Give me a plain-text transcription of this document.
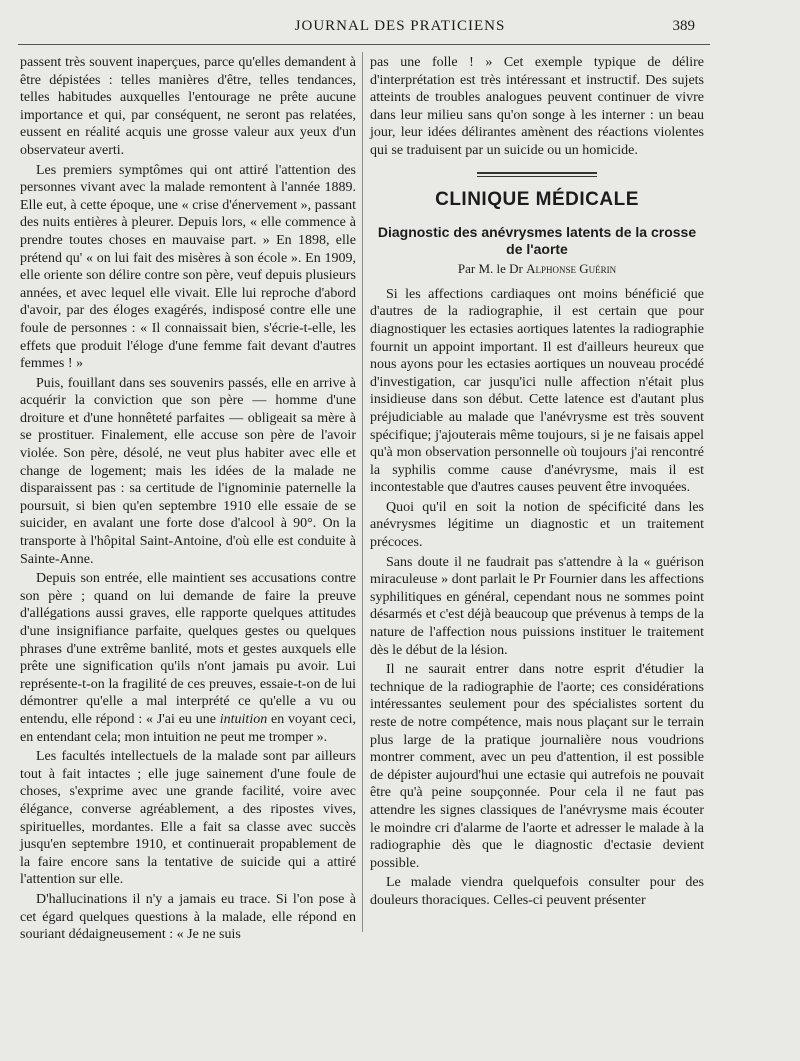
JOURNAL DES PRATICIENS	389

passent très souvent inaperçues, parce qu'elles demandent à être dépistées : telles manières d'être, telles tendances, telles habitudes auxquelles l'entourage ne prête aucune importance et qui, par conséquent, ne seront pas relatées, eussent en réalité acquis une grosse valeur aux yeux d'un observateur averti.

Les premiers symptômes qui ont attiré l'attention des personnes vivant avec la malade remontent à l'année 1889. Elle eut, à cette époque, une « crise d'énervement », passant des nuits entières à pleurer. Depuis lors, « elle commence à prendre toutes choses en mauvaise part. » En 1898, elle prétend qu' « on lui fait des misères à son école ». En 1909, elle oriente son délire contre son père, veuf depuis plusieurs années, et avec lequel elle vivait. Elle lui reproche d'abord d'avoir, par des éloges exagérés, indisposé contre elle une foule de personnes : « Il connaissait bien, s'écrie-t-elle, les effets que produit l'éloge d'une femme fait devant d'autres femmes ! »

Puis, fouillant dans ses souvenirs passés, elle en arrive à acquérir la conviction que son père — homme d'une droiture et d'une honnêteté parfaites — obligeait sa mère à se prostituer. Finalement, elle accuse son père de l'avoir violée. Son père, désolé, ne veut plus habiter avec elle et change de logement; mais les idées de la malade ne disparaissent pas : sa certitude de l'ignominie paternelle la poursuit, si bien qu'en septembre 1910 elle essaie de se suicider, en avalant une forte dose d'alcool à 90°. On la transporte à l'hôpital Saint-Antoine, d'où elle est conduite à Sainte-Anne.

Depuis son entrée, elle maintient ses accusations contre son père ; quand on lui demande de faire la preuve d'allégations aussi graves, elle rapporte quelques attitudes d'une insignifiance parfaite, quelques gestes ou quelques phrases d'une extrême banlité, mots et gestes auxquels elle prête une signification qu'ils n'ont jamais pu avoir. Lui représente-t-on la fragilité de ces preuves, essaie-t-on de lui démontrer qu'elle a mal interprété ce qu'elle a vu ou entendu, elle répond : « J'ai eu une intuition en voyant ceci, en entendant cela; mon intuition ne peut me tromper ».

Les facultés intellectuels de la malade sont par ailleurs tout à fait intactes ; elle juge sainement d'une foule de choses, s'exprime avec une grande facilité, voire avec élégance, converse agréablement, a des ripostes vives, spirituelles, mordantes. Elle a fait sa classe avec succès jusqu'en septembre 1910, et continuerait propablement de la faire encore sans la tentative de suicide qui a attiré l'attention sur elle.

D'hallucinations il n'y a jamais eu trace. Si l'on pose à cet égard quelques questions à la malade, elle répond en souriant dédaigneusement : « Je ne suis

pas une folle ! » Cet exemple typique de délire d'interprétation est très intéressant et instructif. Des sujets atteints de troubles analogues peuvent continuer de vivre dans leur milieu sans qu'on songe à les interner : un beau jour, leur idées délirantes amènent des réactions violentes qui se traduisent par un suicide ou un homicide.

CLINIQUE MÉDICALE
Diagnostic des anévrysmes latents de la crosse de l'aorte
Par M. le Dr Alphonse Guérin

Si les affections cardiaques ont moins bénéficié que d'autres de la radiographie, il est certain que pour diagnostiquer les ectasies aortiques latentes la radiographie fournit un appoint important. Il est d'ailleurs heureux que nous ayons pour les ectasies aortiques un nouveau procédé d'investigation, car jusqu'ici nulle affection n'était plus insidieuse dans son début. Cette latence est d'autant plus préjudiciable au malade que l'anévrysme est très souvent spécifique; j'ajouterais même toujours, si je ne faisais appel qu'à mon observation personnelle où toujours j'ai rencontré la syphilis comme cause d'anévrysme, mais il est incontestable que d'autres causes peuvent être invoquées.

Quoi qu'il en soit la notion de spécificité dans les anévrysmes légitime un diagnostic et un traitement précoces.

Sans doute il ne faudrait pas s'attendre à la « guérison miraculeuse » dont parlait le Pr Fournier dans les affections syphilitiques en général, cependant nous ne sommes point désarmés et c'est déjà beaucoup que prévenus à temps de la nature de l'affection nous puissions instituer le traitement dès le début de la lésion.

Il ne saurait entrer dans notre esprit d'étudier la technique de la radiographie de l'aorte; ces considérations intéressantes seulement pour des spécialistes sortent du reste de notre compétence, mais nous plaçant sur le terrain plus large de la pratique journalière nous voudrions montrer comment, avec un peu d'attention, il est possible de dépister aujourd'hui une ectasie qui autrefois ne pouvait être qu'à peine soupçonnée. Pour cela il ne faut pas attendre les signes classiques de l'anévrysme mais écouter le moindre cri d'alarme de l'aorte et adresser le malade à la radiographie dès que le diagnostic d'ectasie devient possible.

Le malade viendra quelquefois consulter pour des douleurs thoraciques. Celles-ci peuvent présenter
